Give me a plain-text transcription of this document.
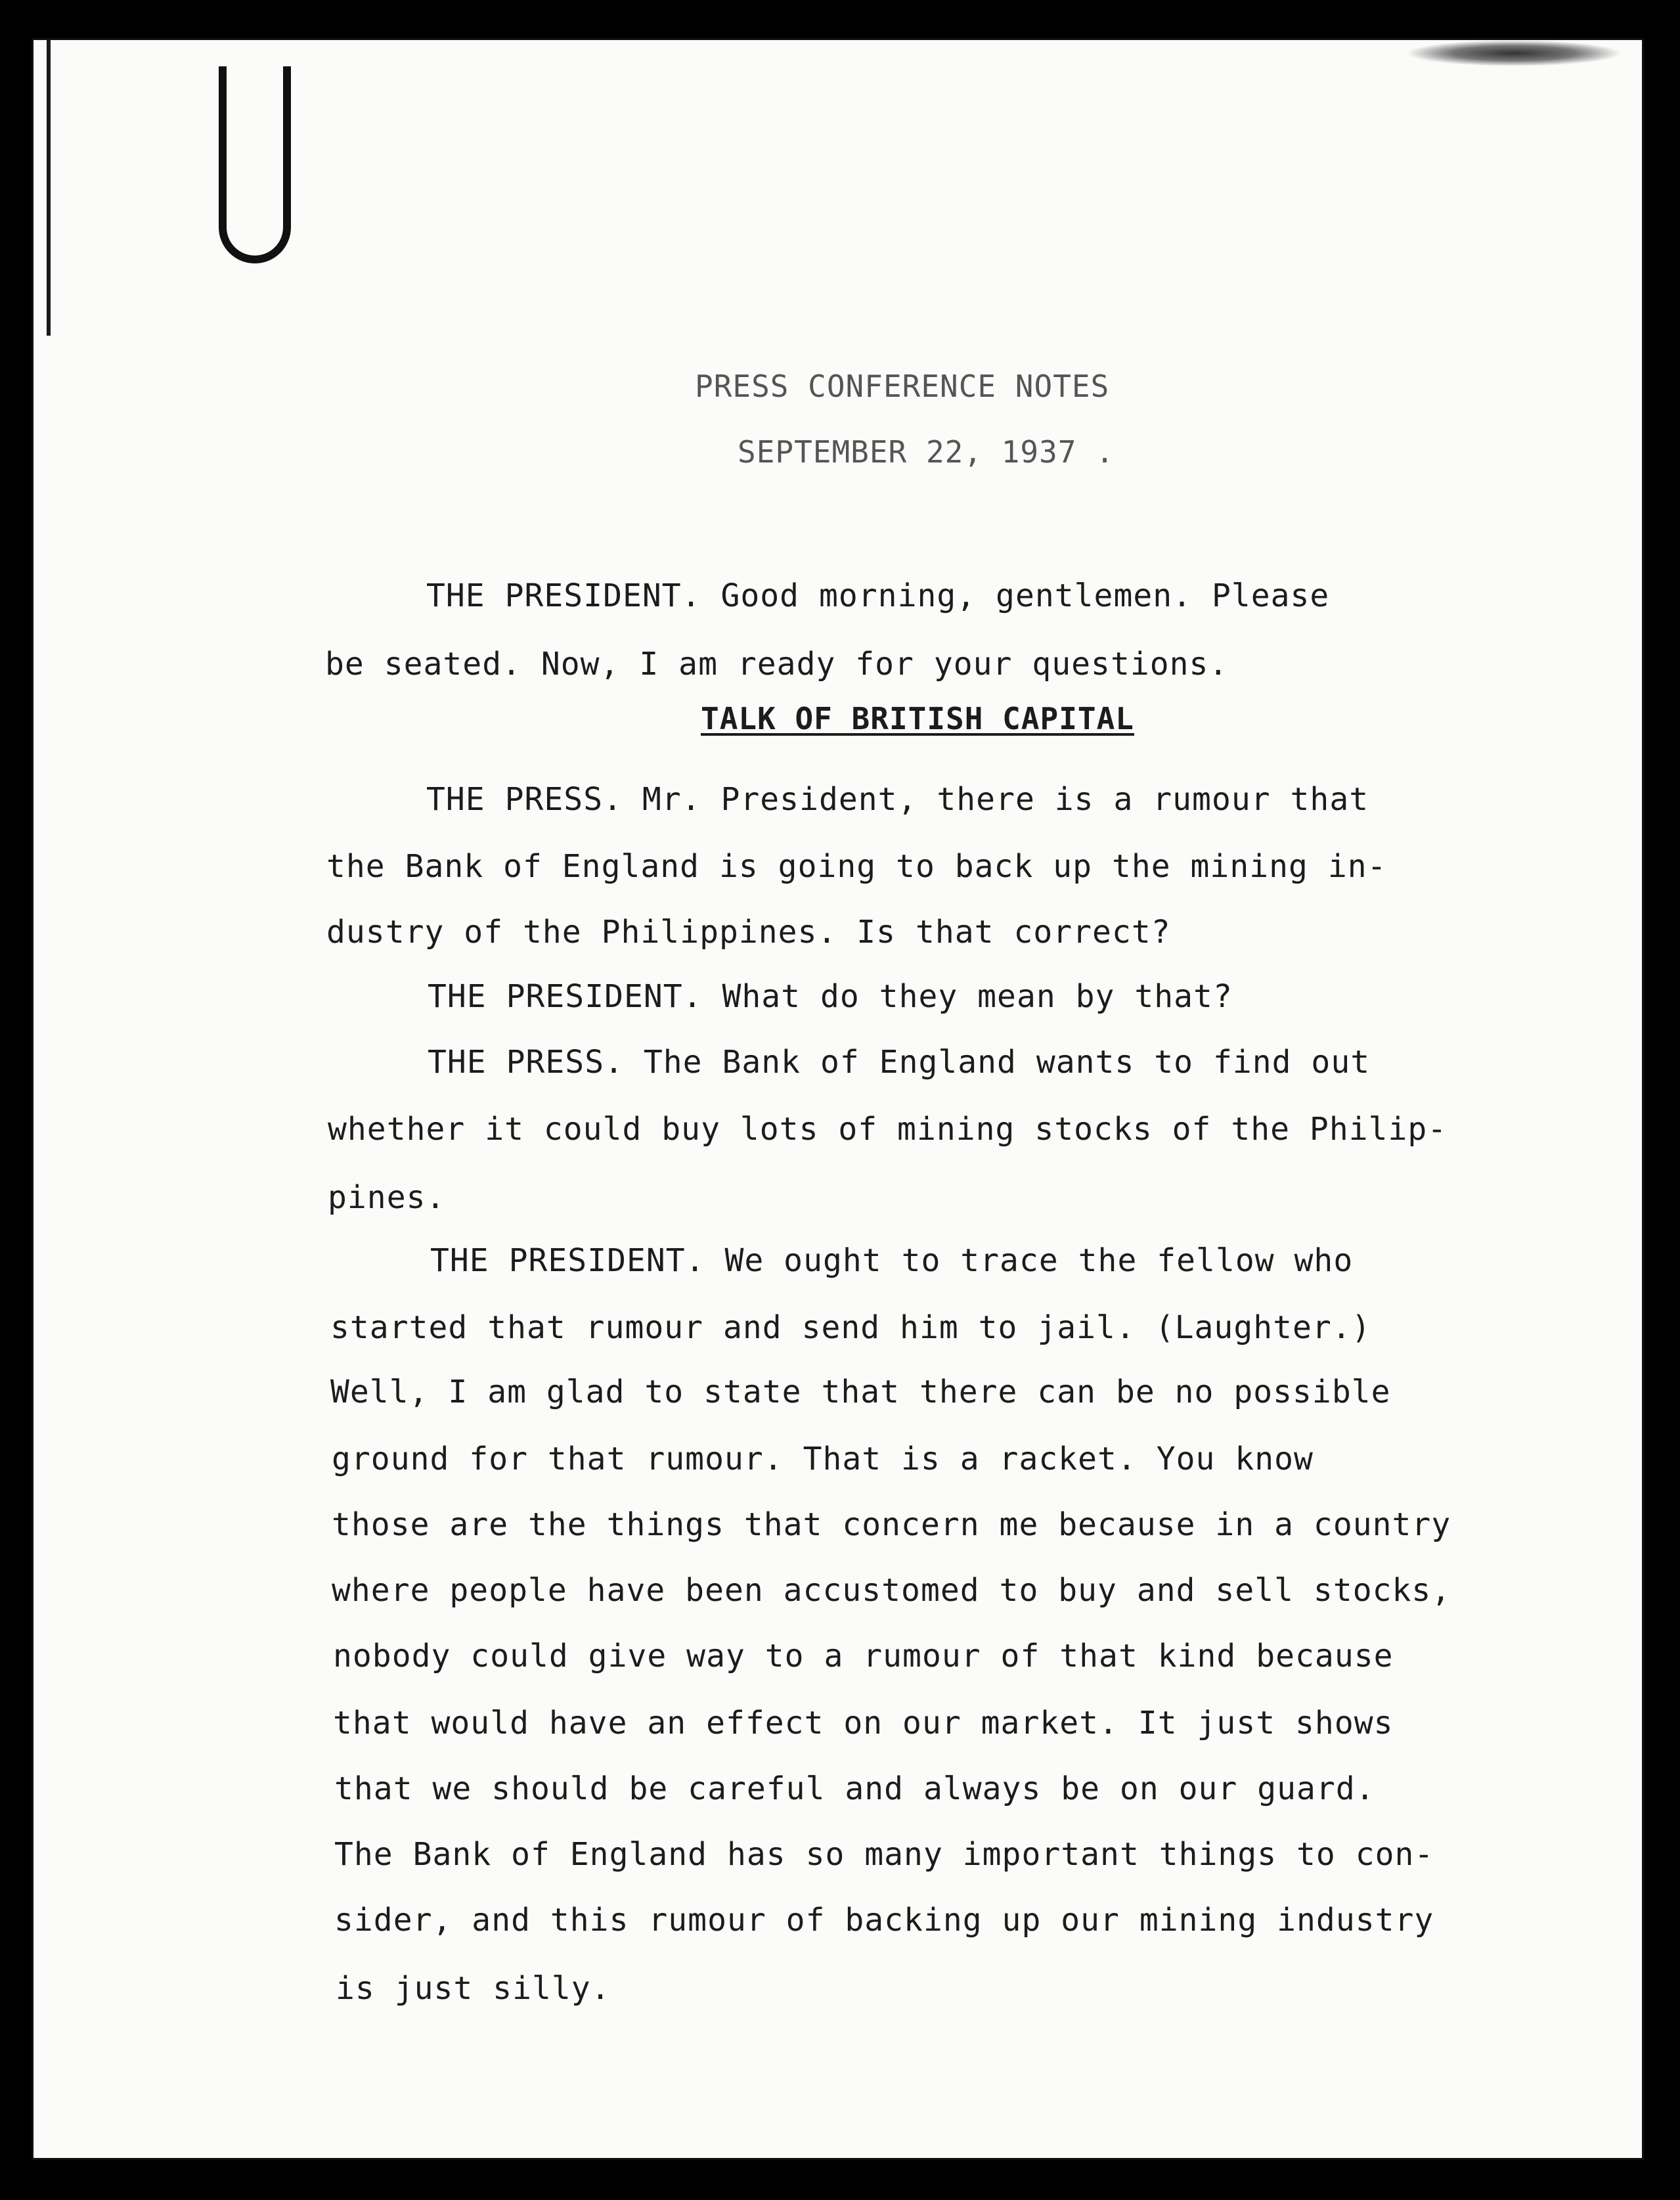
PRESS CONFERENCE NOTES
SEPTEMBER 22, 1937 .
THE PRESIDENT. Good morning, gentlemen. Please
be seated. Now, I am ready for your questions.
TALK OF BRITISH CAPITAL
THE PRESS. Mr. President, there is a rumour that
the Bank of England is going to back up the mining in-
dustry of the Philippines. Is that correct?
THE PRESIDENT. What do they mean by that?
THE PRESS. The Bank of England wants to find out
whether it could buy lots of mining stocks of the Philip-
pines.
THE PRESIDENT. We ought to trace the fellow who
started that rumour and send him to jail. (Laughter.)
Well, I am glad to state that there can be no possible
ground for that rumour. That is a racket. You know
those are the things that concern me because in a country
where people have been accustomed to buy and sell stocks,
nobody could give way to a rumour of that kind because
that would have an effect on our market. It just shows
that we should be careful and always be on our guard.
The Bank of England has so many important things to con-
sider, and this rumour of backing up our mining industry
is just silly.
